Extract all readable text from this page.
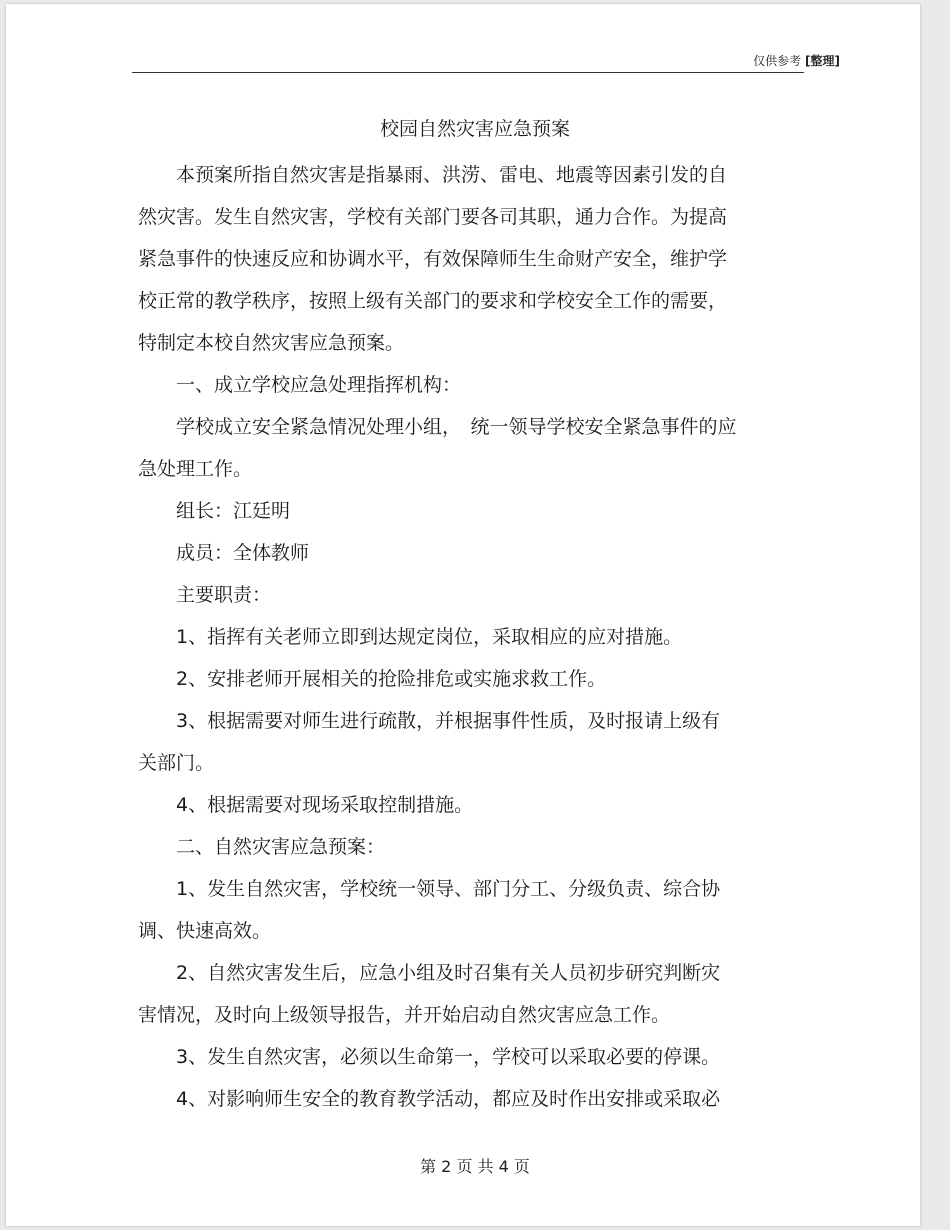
仅供参考 [整理]
校园自然灾害应急预案

　　本预案所指自然灾害是指暴雨、洪涝、雷电、地震等因素引发的自

然灾害。发生自然灾害，学校有关部门要各司其职，通力合作。为提高

紧急事件的快速反应和协调水平，有效保障师生生命财产安全，维护学

校正常的教学秩序，按照上级有关部门的要求和学校安全工作的需要，

特制定本校自然灾害应急预案。

　　一、成立学校应急处理指挥机构：

　　学校成立安全紧急情况处理小组，　统一领导学校安全紧急事件的应

急处理工作。

　　组长：江廷明

　　成员：全体教师

　　主要职责：

　　1、指挥有关老师立即到达规定岗位，采取相应的应对措施。

　　2、安排老师开展相关的抢险排危或实施求救工作。

　　3、根据需要对师生进行疏散，并根据事件性质，及时报请上级有

关部门。

　　4、根据需要对现场采取控制措施。

　　二、自然灾害应急预案：

　　1、发生自然灾害，学校统一领导、部门分工、分级负责、综合协

调、快速高效。

　　2、自然灾害发生后，应急小组及时召集有关人员初步研究判断灾

害情况，及时向上级领导报告，并开始启动自然灾害应急工作。

　　3、发生自然灾害，必须以生命第一，学校可以采取必要的停课。

　　4、对影响师生安全的教育教学活动，都应及时作出安排或采取必

第 2 页 共 4 页
